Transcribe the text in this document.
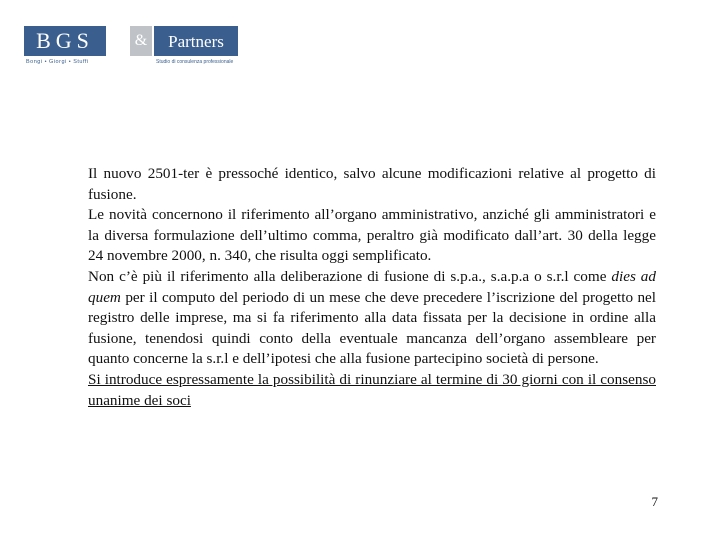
BGS	& Partners
Bongi • Giorgi • Stuffi	Studio di consulenza professionale

Il nuovo 2501-ter è pressoché identico, salvo alcune modificazioni relative al progetto di fusione.

Le novità concernono il riferimento all’organo amministrativo, anziché gli amministratori e la diversa formulazione dell’ultimo comma, peraltro già modificato dall’art. 30 della legge 24 novembre 2000, n. 340, che risulta oggi semplificato.

Non c’è più il riferimento alla deliberazione di fusione di s.p.a., s.a.p.a o s.r.l come dies ad quem per il computo del periodo di un mese che deve precedere l’iscrizione del progetto nel registro delle imprese, ma si fa riferimento alla data fissata per la decisione in ordine alla fusione, tenendosi quindi conto della eventuale mancanza dell’organo assembleare per quanto concerne la s.r.l e dell’ipotesi che alla fusione partecipino società di persone.

Si introduce espressamente la possibilità di rinunziare al termine di 30 giorni con il consenso unanime dei soci

7
